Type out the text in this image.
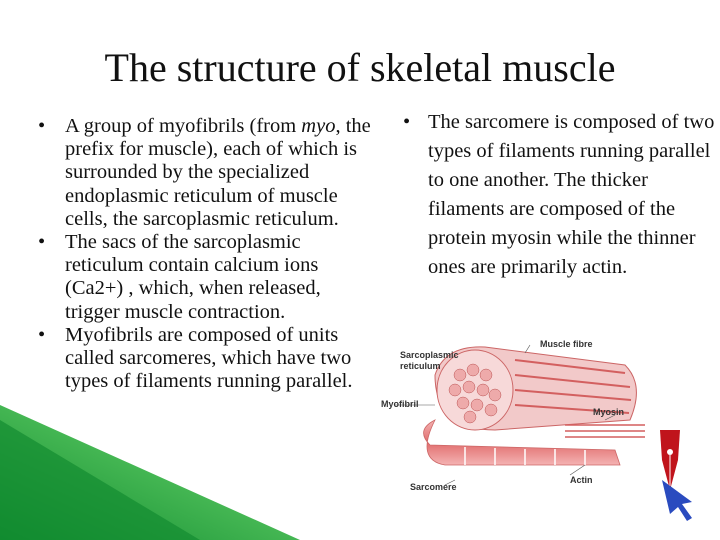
The structure of skeletal muscle
• A group of myofibrils (from myo, the prefix for muscle), each of which is surrounded by the specialized endoplasmic reticulum of muscle cells, the sarcoplasmic reticulum.
• The sacs of the sarcoplasmic reticulum contain calcium ions (Ca2+) , which, when released, trigger muscle contraction.
• Myofibrils are composed of units called sarcomeres, which have two types of filaments running parallel.
• The sarcomere is composed of two types of filaments running parallel to one another. The thicker filaments are composed of the protein myosin while the thinner ones are primarily actin.
Sarcoplasmic
reticulum
Muscle fibre
Myofibril
Myosin
Sarcomere
Actin
